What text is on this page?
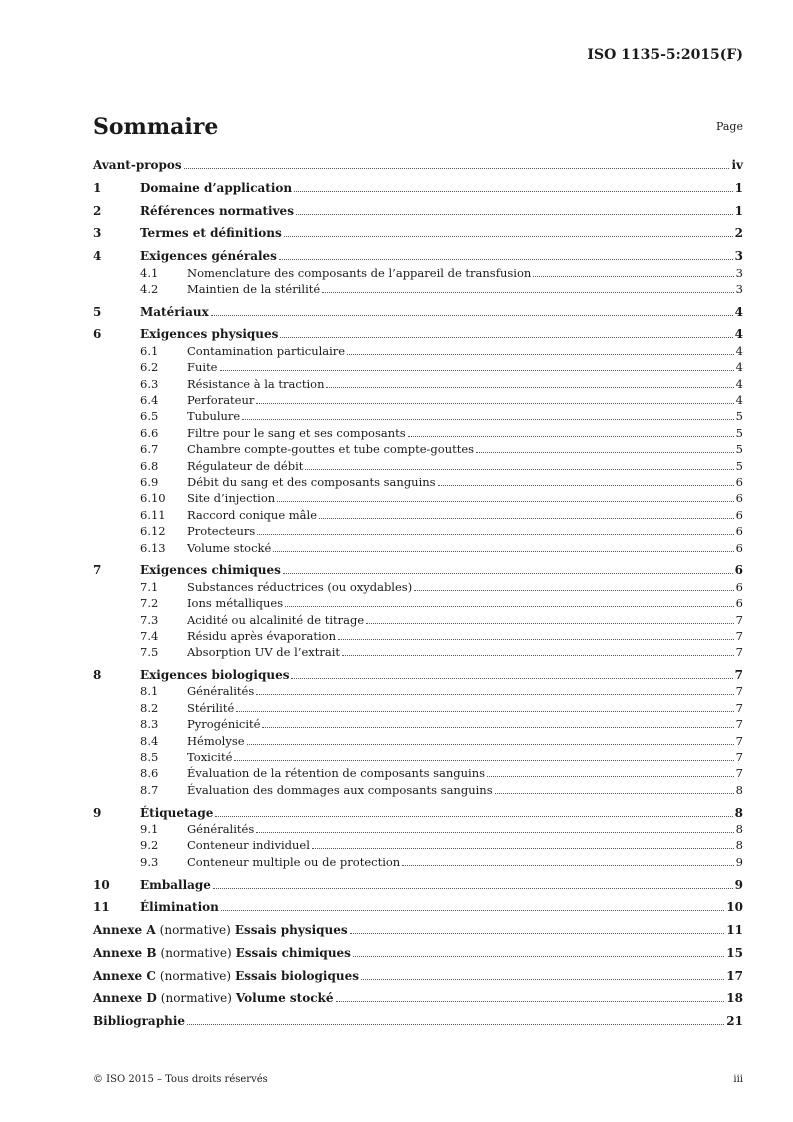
ISO 1135-5:2015(F)
Sommaire	Page
Avant-propos	iv
1	Domaine d’application	1
2	Références normatives	1
3	Termes et définitions	2
4	Exigences générales	3
4.1	Nomenclature des composants de l’appareil de transfusion	3
4.2	Maintien de la stérilité	3
5	Matériaux	4
6	Exigences physiques	4
6.1	Contamination particulaire	4
6.2	Fuite	4
6.3	Résistance à la traction	4
6.4	Perforateur	4
6.5	Tubulure	5
6.6	Filtre pour le sang et ses composants	5
6.7	Chambre compte-gouttes et tube compte-gouttes	5
6.8	Régulateur de débit	5
6.9	Débit du sang et des composants sanguins	6
6.10	Site d’injection	6
6.11	Raccord conique mâle	6
6.12	Protecteurs	6
6.13	Volume stocké	6
7	Exigences chimiques	6
7.1	Substances réductrices (ou oxydables)	6
7.2	Ions métalliques	6
7.3	Acidité ou alcalinité de titrage	7
7.4	Résidu après évaporation	7
7.5	Absorption UV de l’extrait	7
8	Exigences biologiques	7
8.1	Généralités	7
8.2	Stérilité	7
8.3	Pyrogénicité	7
8.4	Hémolyse	7
8.5	Toxicité	7
8.6	Évaluation de la rétention de composants sanguins	7
8.7	Évaluation des dommages aux composants sanguins	8
9	Étiquetage	8
9.1	Généralités	8
9.2	Conteneur individuel	8
9.3	Conteneur multiple ou de protection	9
10	Emballage	9
11	Élimination	10
Annexe A (normative) Essais physiques	11
Annexe B (normative) Essais chimiques	15
Annexe C (normative) Essais biologiques	17
Annexe D (normative) Volume stocké	18
Bibliographie	21
© ISO 2015 – Tous droits réservés	iii
